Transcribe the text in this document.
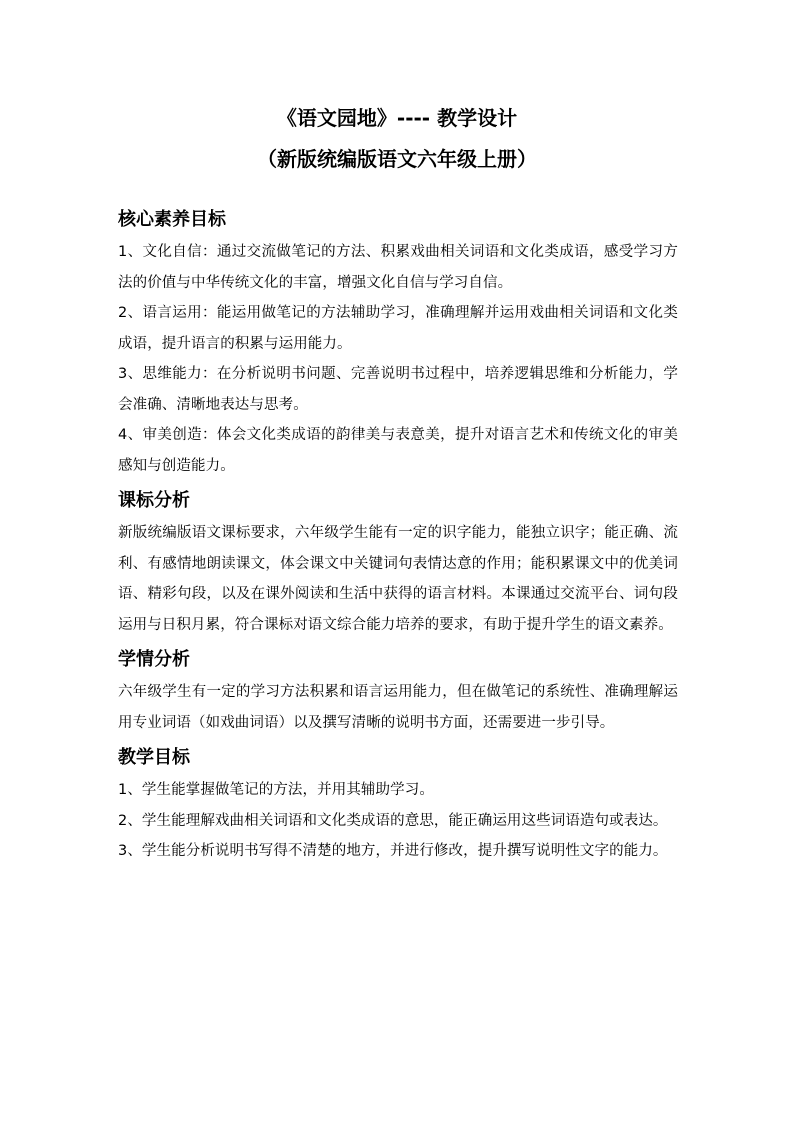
《语文园地》---- 教学设计
（新版统编版语文六年级上册）
核心素养目标

1、文化自信：通过交流做笔记的方法、积累戏曲相关词语和文化类成语，感受学习方法的价值与中华传统文化的丰富，增强文化自信与学习自信。

2、语言运用：能运用做笔记的方法辅助学习，准确理解并运用戏曲相关词语和文化类成语，提升语言的积累与运用能力。

3、思维能力：在分析说明书问题、完善说明书过程中，培养逻辑思维和分析能力，学会准确、清晰地表达与思考。

4、审美创造：体会文化类成语的韵律美与表意美，提升对语言艺术和传统文化的审美感知与创造能力。

课标分析

新版统编版语文课标要求，六年级学生能有一定的识字能力，能独立识字；能正确、流利、有感情地朗读课文，体会课文中关键词句表情达意的作用；能积累课文中的优美词语、精彩句段，以及在课外阅读和生活中获得的语言材料。本课通过交流平台、词句段运用与日积月累，符合课标对语文综合能力培养的要求，有助于提升学生的语文素养。

学情分析

六年级学生有一定的学习方法积累和语言运用能力，但在做笔记的系统性、准确理解运用专业词语（如戏曲词语）以及撰写清晰的说明书方面，还需要进一步引导。

教学目标

1、学生能掌握做笔记的方法，并用其辅助学习。

2、学生能理解戏曲相关词语和文化类成语的意思，能正确运用这些词语造句或表达。

3、学生能分析说明书写得不清楚的地方，并进行修改，提升撰写说明性文字的能力。
